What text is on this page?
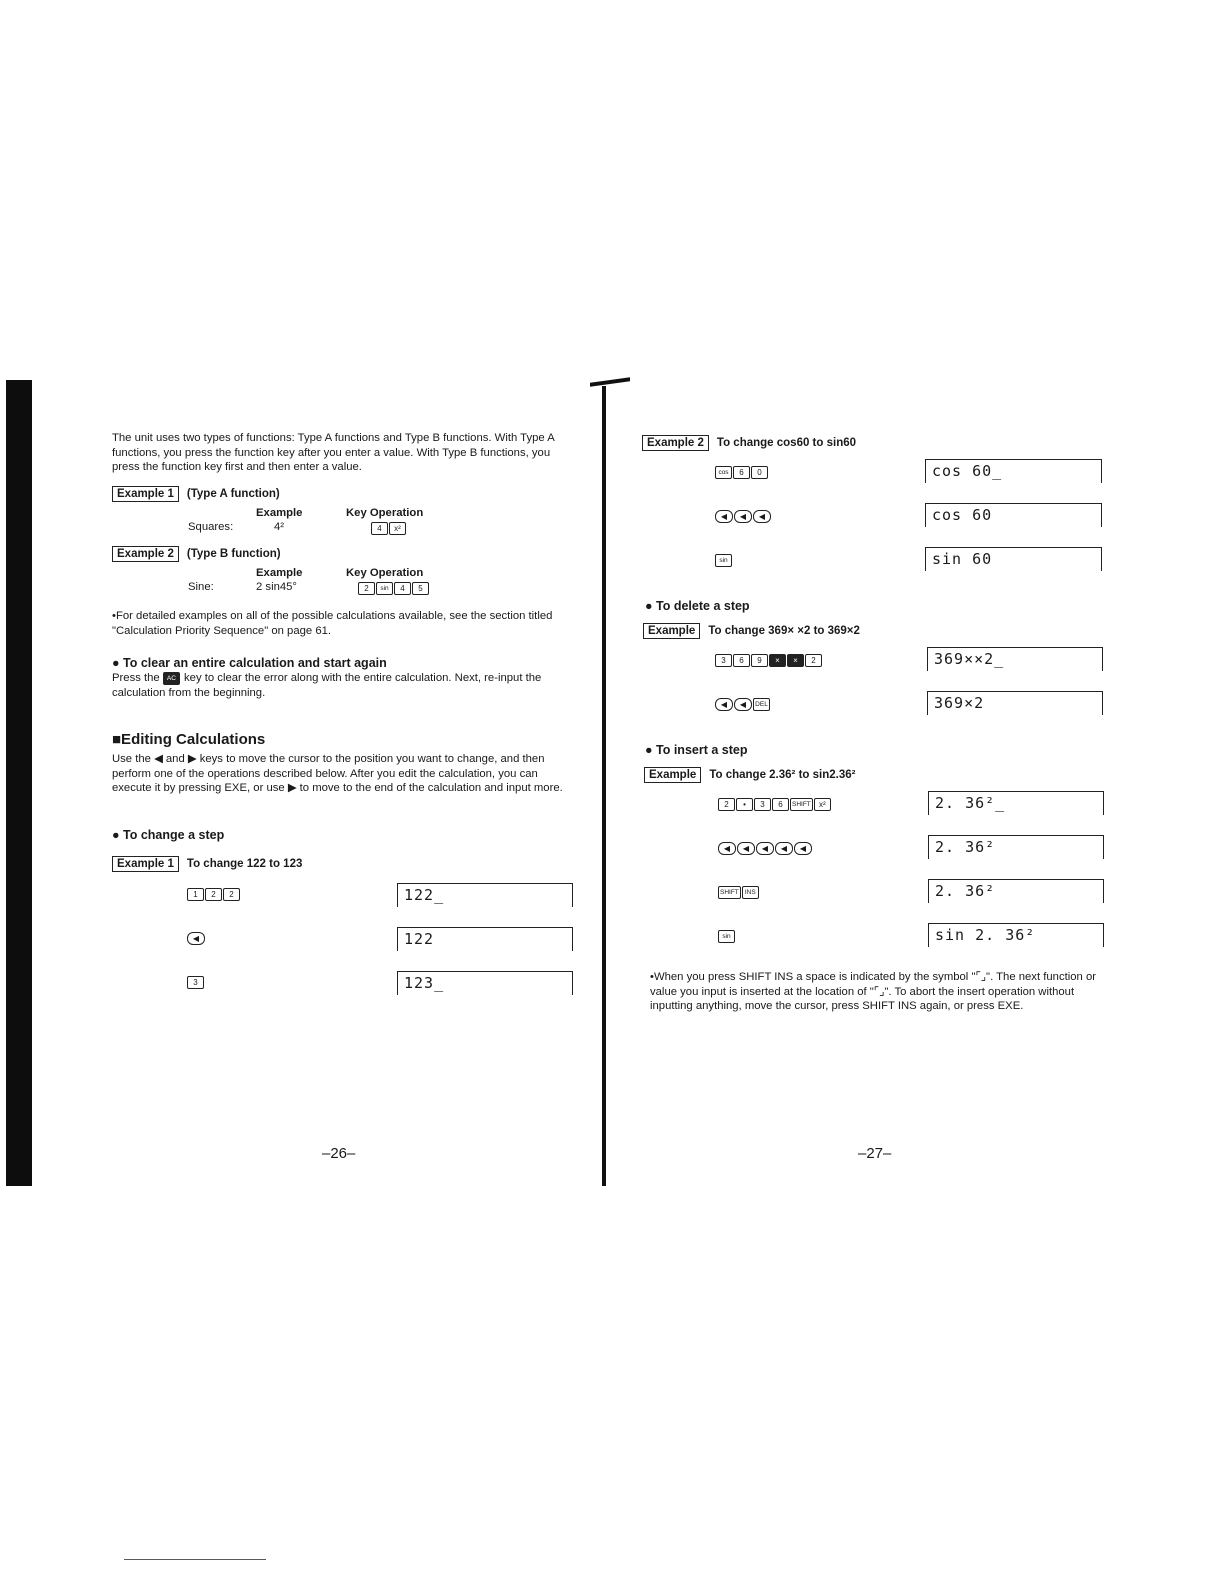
The unit uses two types of functions: Type A functions and Type B functions. With Type A functions, you press the function key after you enter a value. With Type B functions, you press the function key first and then enter a value.
Example 1 (Type A function)
Example	Key Operation
Squares:	4²	4 x²
Example 2 (Type B function)
Example	Key Operation
Sine:	2 sin45°	2 sin 4 5
•For detailed examples on all of the possible calculations available, see the section titled "Calculation Priority Sequence" on page 61.
● To clear an entire calculation and start again
Press the AC key to clear the error along with the entire calculation. Next, re-input the calculation from the beginning.
■Editing Calculations
Use the ◀ and ▶ keys to move the cursor to the position you want to change, and then perform one of the operations described below. After you edit the calculation, you can execute it by pressing EXE, or use ▶ to move to the end of the calculation and input more.
● To change a step
Example 1 To change 122 to 123
1 2 2	122_
◀	122
3	123_
–26–
Example 2 To change cos60 to sin60
cos 6 0	cos 60_
◀ ◀ ◀	cos 60
sin	sin 60
● To delete a step
Example To change 369× ×2 to 369×2
3 6 9 × × 2	369××2_
◀ ◀ DEL	369×2
● To insert a step
Example To change 2.36² to sin2.36²
2 • 3 6 SHIFT x²	2. 36²_
◀ ◀ ◀ ◀ ◀	2. 36²
SHIFT INS	2. 36²
sin	sin 2. 36²
•When you press SHIFT INS a space is indicated by the symbol "⌜⌟". The next function or value you input is inserted at the location of "⌜⌟". To abort the insert operation without inputting anything, move the cursor, press SHIFT INS again, or press EXE.
–27–
